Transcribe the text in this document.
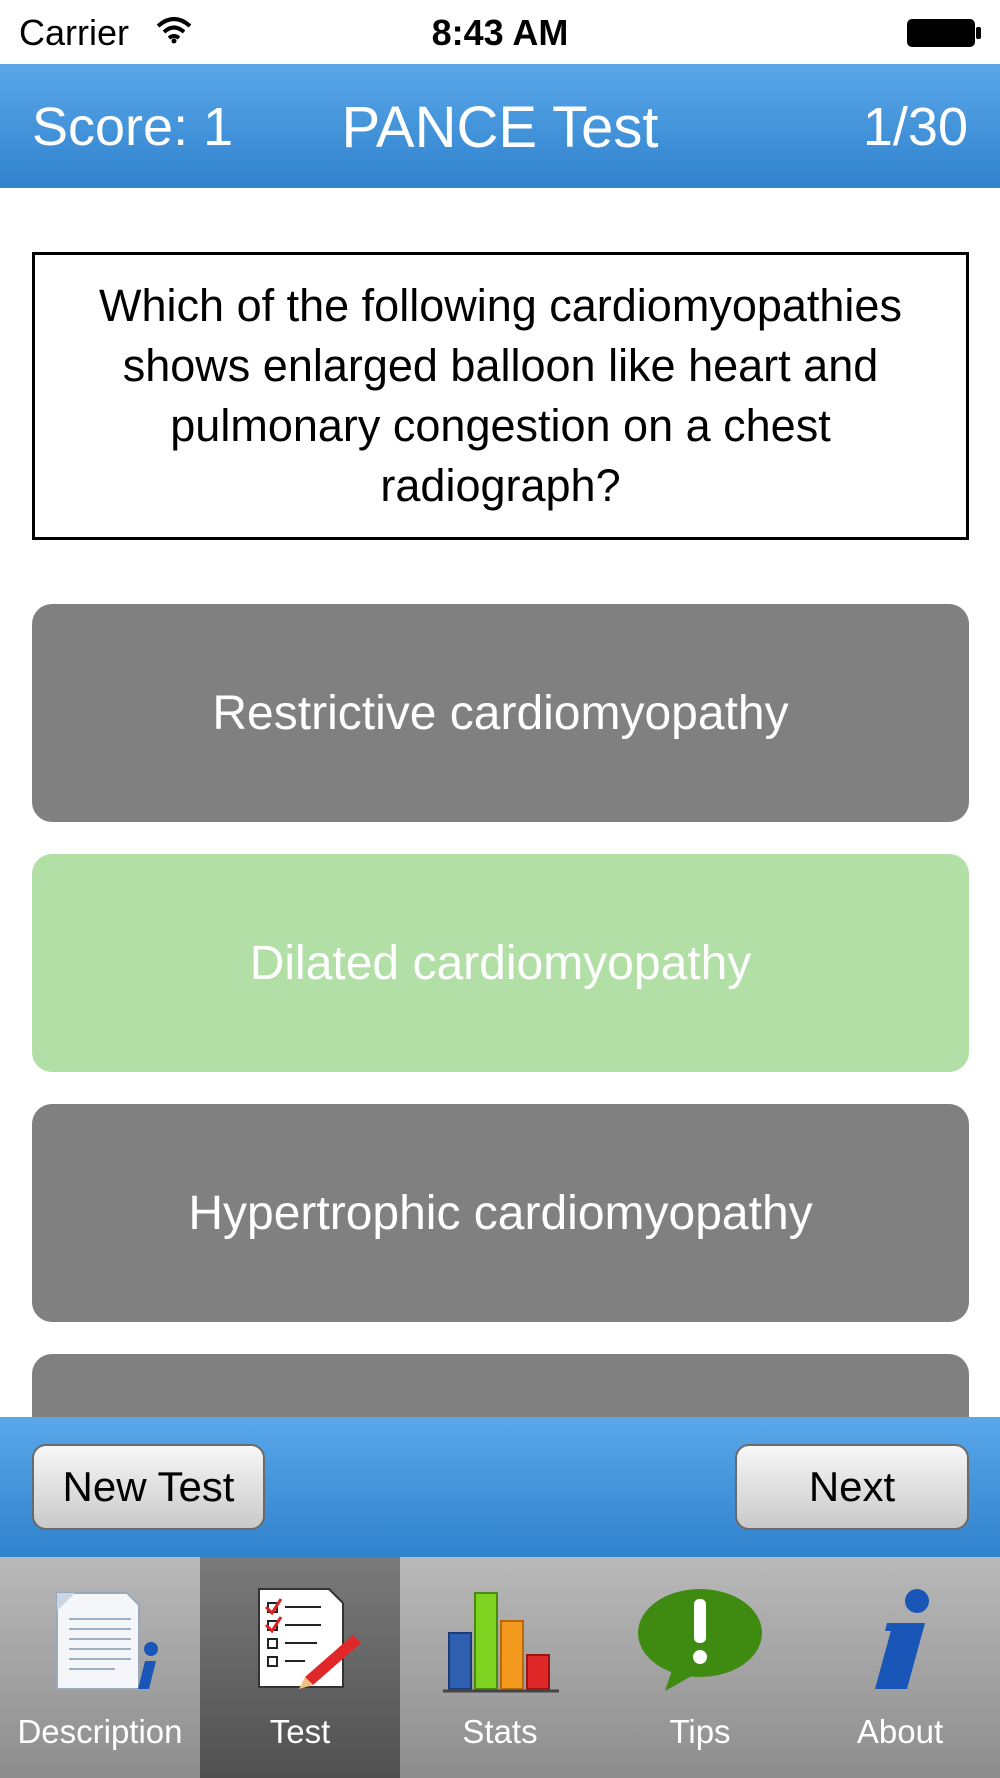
Carrier	8:43 AM
Score: 1	PANCE Test	1/30
Which of the following cardiomyopathies shows enlarged balloon like heart and pulmonary congestion on a chest radiograph?
Restrictive cardiomyopathy
Dilated cardiomyopathy
Hypertrophic cardiomyopathy
New Test	Next
Description	Test	Stats	Tips	About
